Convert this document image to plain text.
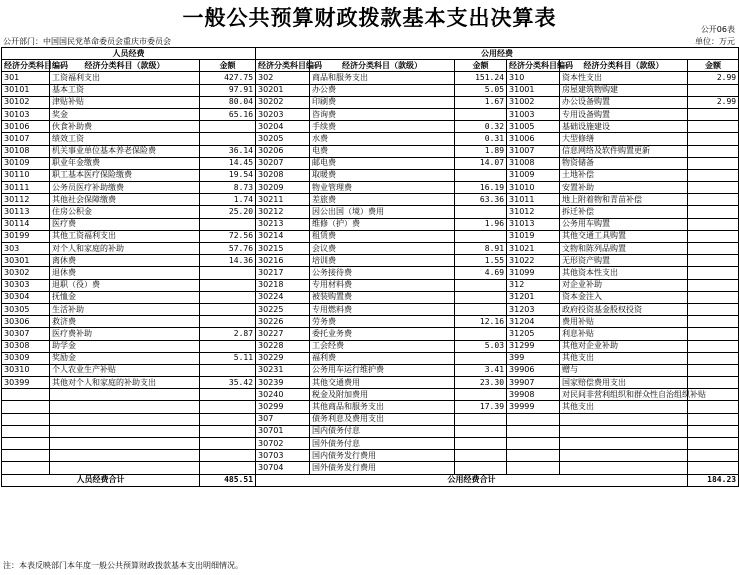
一般公共预算财政拨款基本支出决算表	公开06表
公开部门：中国国民党革命委员会重庆市委员会	单位：万元
人员经费			公用经费					
经济分类科目编码	经济分类科目（款级）	金额	经济分类科目编码	经济分类科目（款级）	金额	经济分类科目编码	经济分类科目（款级）	金额
301	工资福利支出	427.75	302	商品和服务支出	151.24	310	资本性支出	2.99
30101	基本工资	97.91	30201	办公费	5.05	31001	房屋建筑物购建	
30102	津贴补贴	80.04	30202	印刷费	1.67	31002	办公设备购置	2.99
30103	奖金	65.16	30203	咨询费		31003	专用设备购置	
30106	伙食补助费		30204	手续费	0.32	31005	基础设施建设	
30107	绩效工资		30205	水费	0.31	31006	大型修缮	
30108	机关事业单位基本养老保险费	36.14	30206	电费	1.89	31007	信息网络及软件购置更新	
30109	职业年金缴费	14.45	30207	邮电费	14.07	31008	物资储备	
30110	职工基本医疗保险缴费	19.54	30208	取暖费		31009	土地补偿	
30111	公务员医疗补助缴费	8.73	30209	物业管理费	16.19	31010	安置补助	
30112	其他社会保障缴费	1.74	30211	差旅费	63.36	31011	地上附着物和青苗补偿	
30113	住房公积金	25.20	30212	因公出国（境）费用		31012	拆迁补偿	
30114	医疗费		30213	维修（护）费	1.96	31013	公务用车购置	
30199	其他工资福利支出	72.56	30214	租赁费		31019	其他交通工具购置	
303	对个人和家庭的补助	57.76	30215	会议费	8.91	31021	文物和陈列品购置	
30301	离休费	14.36	30216	培训费	1.55	31022	无形资产购置	
30302	退休费		30217	公务接待费	4.69	31099	其他资本性支出	
30303	退职（役）费		30218	专用材料费		312	对企业补助	
30304	抚恤金		30224	被装购置费		31201	资本金注入	
30305	生活补助		30225	专用燃料费		31203	政府投资基金股权投资	
30306	救济费		30226	劳务费	12.16	31204	费用补贴	
30307	医疗费补助	2.87	30227	委托业务费		31205	利息补贴	
30308	助学金		30228	工会经费	5.03	31299	其他对企业补助	
30309	奖励金	5.11	30229	福利费		399	其他支出	
30310	个人农业生产补贴		30231	公务用车运行维护费	3.41	39906	赠与	
30399	其他对个人和家庭的补助支出	35.42	30239	其他交通费用	23.30	39907	国家赔偿费用支出	
			30240	税金及附加费用		39908	对民间非营利组织和群众性自治组织补贴	
			30299	其他商品和服务支出	17.39	39999	其他支出	
			307	债务利息及费用支出				
			30701	国内债务付息				
			30702	国外债务付息				
			30703	国内债务发行费用				
			30704	国外债务发行费用				
人员经费合计		485.51	公用经费合计					184.23
注：本表反映部门本年度一般公共预算财政拨款基本支出明细情况。
